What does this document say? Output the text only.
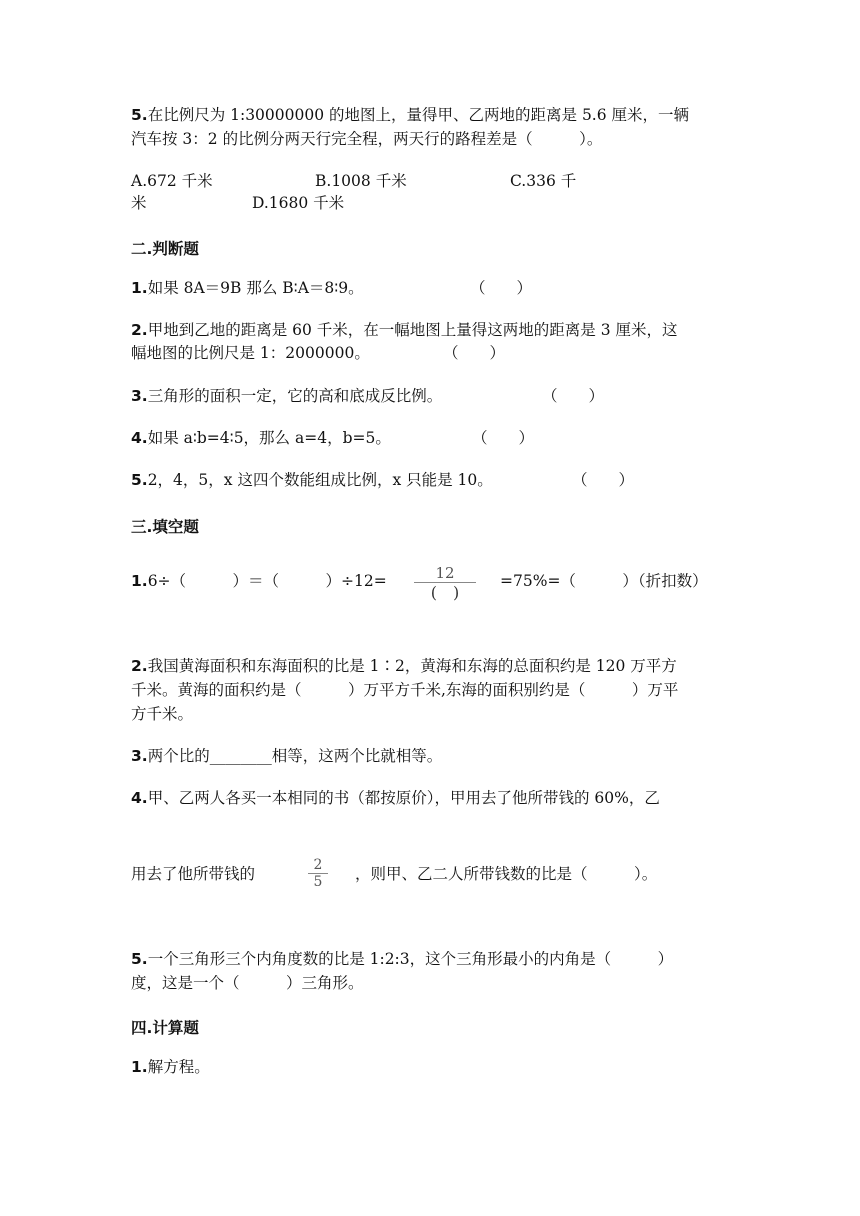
5.在比例尺为 1:30000000 的地图上，量得甲、乙两地的距离是 5.6 厘米，一辆
汽车按 3：2 的比例分两天行完全程，两天行的路程差是（　　　）。
A.672 千米	B.1008 千米	C.336 千
米	D.1680 千米
二.判断题
1.如果 8A＝9B 那么 B∶A＝8∶9。	（　　）
2.甲地到乙地的距离是 60 千米，在一幅地图上量得这两地的距离是 3 厘米，这
幅地图的比例尺是 1：2000000。	（　　）
3.三角形的面积一定，它的高和底成反比例。	（　　）
4.如果 a∶b=4∶5，那么 a=4，b=5。	（　　）
5.2，4，5，x 这四个数能组成比例，x 只能是 10。	（　　）
三.填空题
1.6÷（　　　）＝（　　　）÷12=	12
(　)
=75%=（　　　）（折扣数）
2.我国黄海面积和东海面积的比是 1∶2，黄海和东海的总面积约是 120 万平方
千米。黄海的面积约是（　　　）万平方千米,东海的面积别约是（　　　）万平
方千米。
3.两个比的________相等，这两个比就相等。
4.甲、乙两人各买一本相同的书（都按原价），甲用去了他所带钱的 60%，乙
用去了他所带钱的	2
5	，则甲、乙二人所带钱数的比是（　　　）。
5.一个三角形三个内角度数的比是 1:2:3，这个三角形最小的内角是（　　　）
度，这是一个（　　　）三角形。
四.计算题
1.解方程。
